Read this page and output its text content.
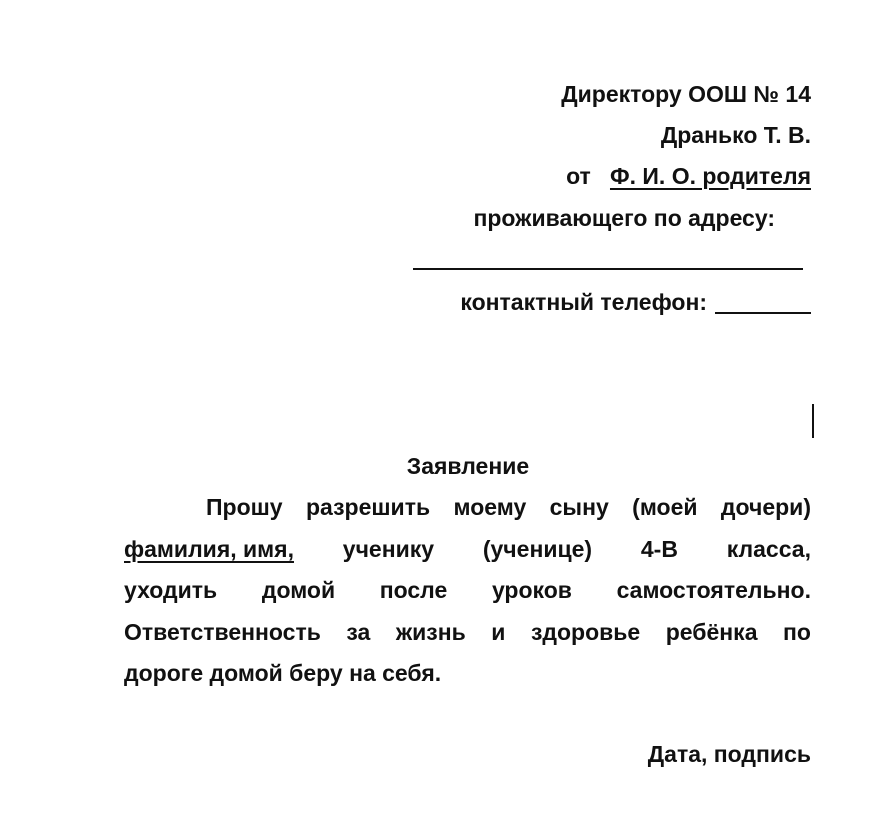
Директору ООШ № 14
Дранько Т. В.
от Ф. И. О. родителя
проживающего по адресу:
контактный телефон:
Заявление
Прошу разрешить моему сыну (моей дочери)
фамилия, имя, ученику (ученице) 4-В класса,
уходить домой после уроков самостоятельно.
Ответственность за жизнь и здоровье ребёнка по
дороге домой беру на себя.
Дата, подпись
